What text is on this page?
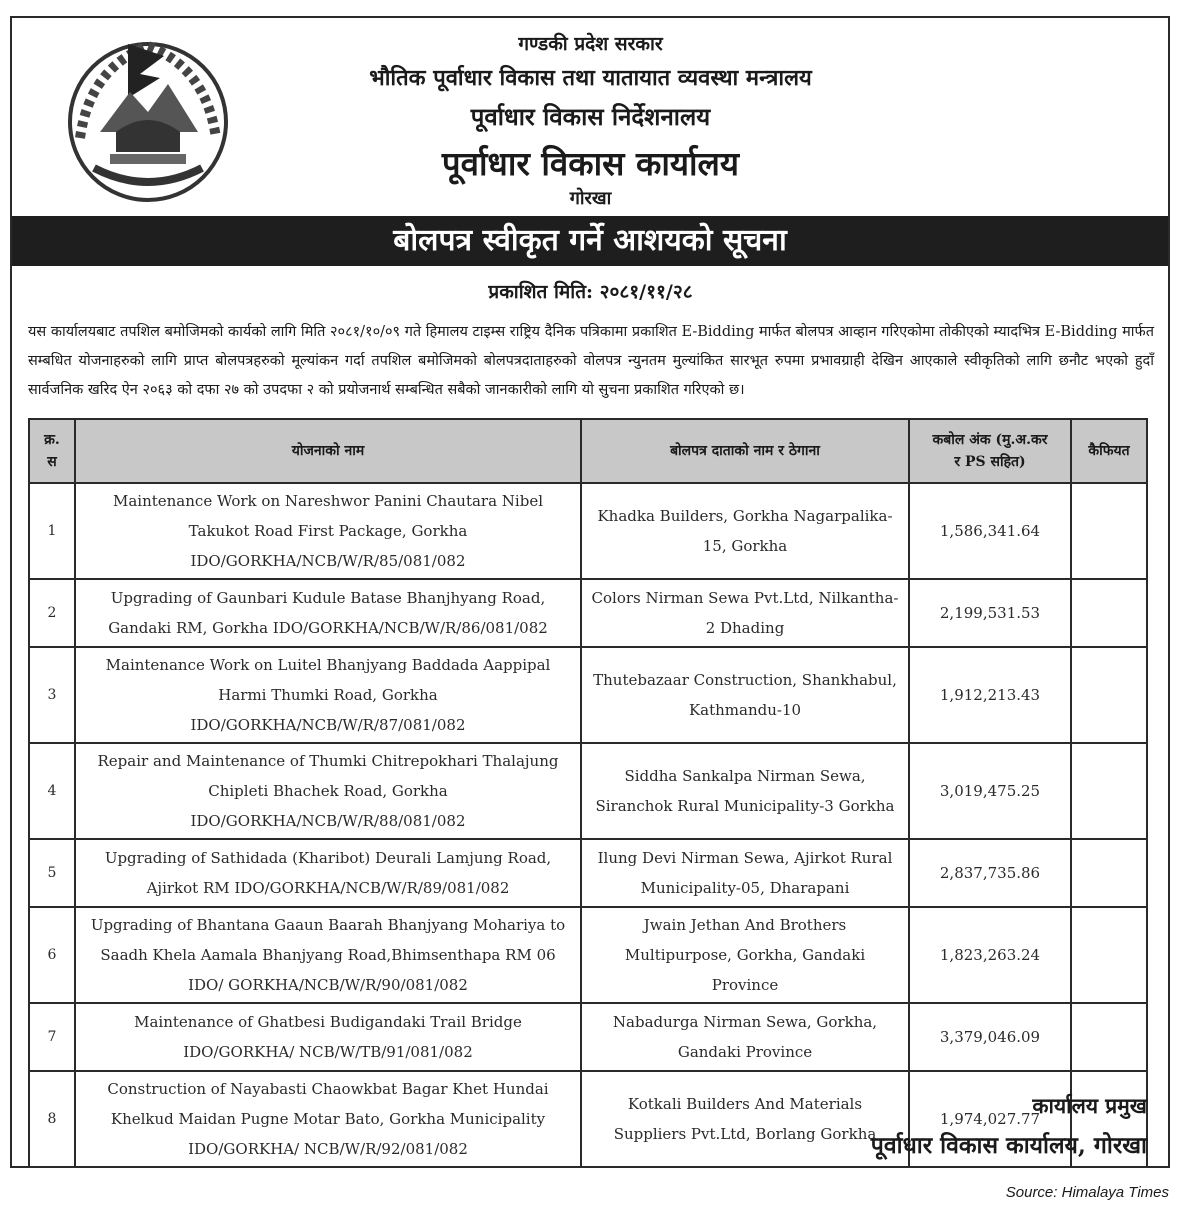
गण्डकी प्रदेश सरकार
भौतिक पूर्वाधार विकास तथा यातायात व्यवस्था मन्त्रालय
पूर्वाधार विकास निर्देशनालय
पूर्वाधार विकास कार्यालय
गोरखा
बोलपत्र स्वीकृत गर्ने आशयको सूचना
प्रकाशित मिति: २०८१/११/२८
यस कार्यालयबाट तपशिल बमोजिमको कार्यको लागि मिति २०८१/१०/०९ गते हिमालय टाइम्स राष्ट्रिय दैनिक पत्रिकामा प्रकाशित E-Bidding मार्फत बोलपत्र आव्हान गरिएकोमा तोकीएको म्यादभित्र E-Bidding मार्फत सम्बधित योजनाहरुको लागि प्राप्त बोलपत्रहरुको मूल्यांकन गर्दा तपशिल बमोजिमको बोलपत्रदाताहरुको वोलपत्र न्युनतम मुल्यांकित सारभूत रुपमा प्रभावग्राही देखिन आएकाले स्वीकृतिको लागि छनौट भएको हुदाँ सार्वजनिक खरिद ऐन २०६३ को दफा २७ को उपदफा २ को प्रयोजनार्थ सम्बन्धित सबैको जानकारीको लागि यो सुचना प्रकाशित गरिएको छ।
क्र.
स	योजनाको नाम	बोलपत्र दाताको नाम र ठेगाना	कबोल अंक (मु.अ.कर
र PS सहित)	कैफियत
1	Maintenance Work on Nareshwor Panini Chautara Nibel Takukot Road First Package, Gorkha IDO/GORKHA/NCB/W/R/85/081/082	Khadka Builders, Gorkha Nagarpalika-15, Gorkha	1,586,341.64	
2	Upgrading of Gaunbari Kudule Batase Bhanjhyang Road, Gandaki RM, Gorkha IDO/GORKHA/NCB/W/R/86/081/082	Colors Nirman Sewa Pvt.Ltd, Nilkantha-2 Dhading	2,199,531.53	
3	Maintenance Work on Luitel Bhanjyang Baddada Aappipal Harmi Thumki Road, Gorkha IDO/GORKHA/NCB/W/R/87/081/082	Thutebazaar Construction, Shankhabul, Kathmandu-10	1,912,213.43	
4	Repair and Maintenance of Thumki Chitrepokhari Thalajung Chipleti Bhachek Road, Gorkha IDO/GORKHA/NCB/W/R/88/081/082	Siddha Sankalpa Nirman Sewa, Siranchok Rural Municipality-3 Gorkha	3,019,475.25	
5	Upgrading of Sathidada (Kharibot) Deurali Lamjung Road, Ajirkot RM IDO/GORKHA/NCB/W/R/89/081/082	Ilung Devi Nirman Sewa, Ajirkot Rural Municipality-05, Dharapani	2,837,735.86	
6	Upgrading of Bhantana Gaaun Baarah Bhanjyang Mohariya to Saadh Khela Aamala Bhanjyang Road,Bhimsenthapa RM 06 IDO/ GORKHA/NCB/W/R/90/081/082	Jwain Jethan And Brothers Multipurpose, Gorkha, Gandaki Province	1,823,263.24	
7	Maintenance of Ghatbesi Budigandaki Trail Bridge IDO/GORKHA/ NCB/W/TB/91/081/082	Nabadurga Nirman Sewa, Gorkha, Gandaki Province	3,379,046.09	
8	Construction of Nayabasti Chaowkbat Bagar Khet Hundai Khelkud Maidan Pugne Motar Bato, Gorkha Municipality IDO/GORKHA/ NCB/W/R/92/081/082	Kotkali Builders And Materials Suppliers Pvt.Ltd, Borlang Gorkha	1,974,027.77	
कार्यालय प्रमुख
पूर्वाधार विकास कार्यालय, गोरखा
Source: Himalaya Times
